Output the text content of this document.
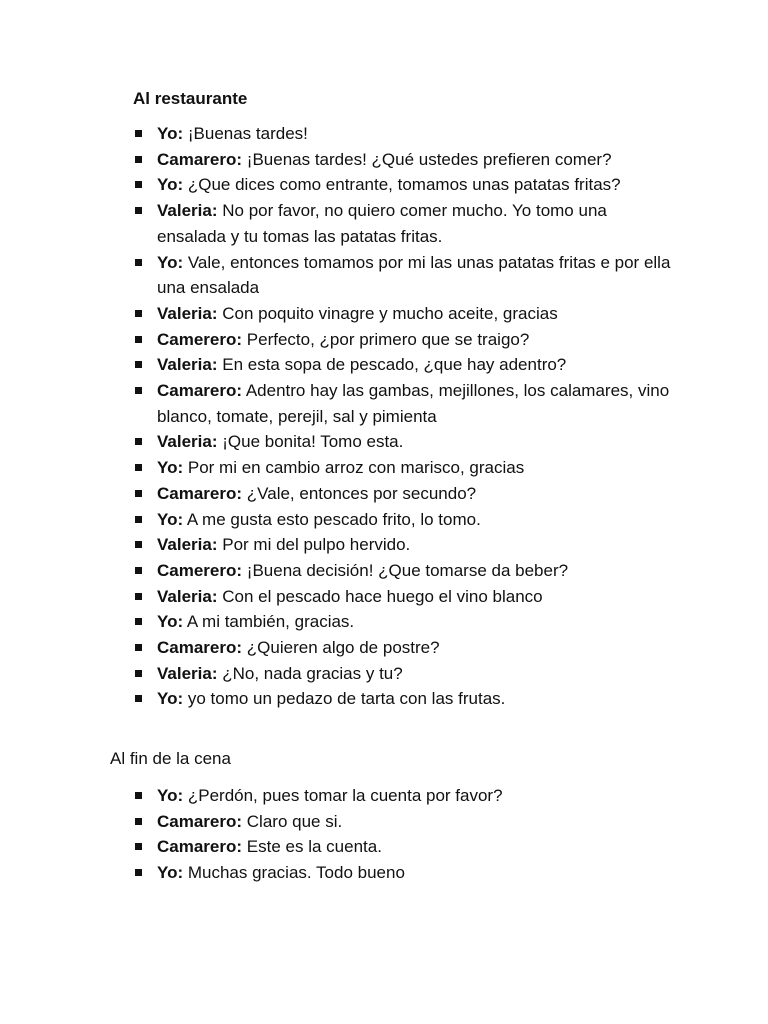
Al restaurante
Yo: ¡Buenas tardes!
Camarero: ¡Buenas tardes! ¿Qué ustedes prefieren comer?
Yo: ¿Que dices como entrante, tomamos unas patatas fritas?
Valeria: No por favor, no quiero comer mucho. Yo tomo una ensalada y tu tomas las patatas fritas.
Yo: Vale, entonces tomamos por mi las unas patatas fritas e por ella una ensalada
Valeria: Con poquito vinagre y mucho aceite, gracias
Camerero: Perfecto, ¿por primero que se traigo?
Valeria: En esta sopa de pescado, ¿que hay adentro?
Camarero: Adentro hay las gambas, mejillones, los calamares, vino blanco, tomate, perejil, sal y pimienta
Valeria: ¡Que bonita! Tomo esta.
Yo: Por mi en cambio arroz con marisco, gracias
Camarero: ¿Vale, entonces por secundo?
Yo: A me gusta esto pescado frito, lo tomo.
Valeria: Por mi del pulpo hervido.
Camerero: ¡Buena decisión! ¿Que tomarse da beber?
Valeria: Con el pescado hace huego el vino blanco
Yo: A mi también, gracias.
Camarero: ¿Quieren algo de postre?
Valeria: ¿No, nada gracias y tu?
Yo: yo tomo un pedazo de tarta con las frutas.
Al fin de la cena
Yo: ¿Perdón, pues tomar la cuenta por favor?
Camarero: Claro que si.
Camarero: Este es la cuenta.
Yo: Muchas gracias. Todo bueno
